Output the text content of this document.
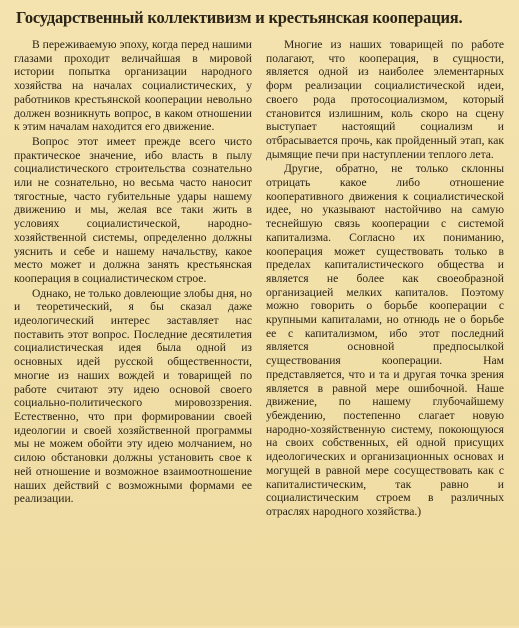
Государственный коллективизм и крестьянская кооперация.

В переживаемую эпоху, когда перед нашими глазами проходит величайшая в мировой истории попытка организации народного хозяйства на началах социалистических, у работников крестьянской кооперации невольно должен возникнуть вопрос, в каком отношении к этим началам находится его движение.

Вопрос этот имеет прежде всего чисто практическое значение, ибо власть в пылу социалистического строительства сознательно или не сознательно, но весьма часто наносит тягостные, часто губительные удары нашему движению и мы, желая все таки жить в условиях социалистической, народно-хозяйственной системы, определенно должны уяснить и себе и нашему начальству, какое место может и должна занять крестьянская кооперация в социалистическом строе.

Однако, не только довлеющие злобы дня, но и теоретический, я бы сказал даже идеологический интерес заставляет нас поставить этот вопрос. Последние десятилетия социалистическая идея была одной из основных идей русской общественности, многие из наших вождей и товарищей по работе считают эту идею основой своего социально-политического мировоззрения. Естественно, что при формировании своей идеологии и своей хозяйственной программы мы не можем обойти эту идею молчанием, но силою обстановки должны установить свое к ней отношение и возможное взаимоотношение наших действий с возможными формами ее реализации.

Многие из наших товарищей по работе полагают, что кооперация, в сущности, является одной из наиболее элементарных форм реализации социалистической идеи, своего рода протосоциализмом, который становится излишним, коль скоро на сцену выступает настоящий социализм и отбрасывается прочь, как пройденный этап, как дымящие печи при наступлении теплого лета.

Другие, обратно, не только склонны отрицать какое либо отношение кооперативного движения к социалистической идее, но указывают настойчиво на самую теснейшую связь кооперации с системой капитализма. Согласно их пониманию, кооперация может существовать только в пределах капиталистического общества и является не более как своеобразной организацией мелких капиталов. Поэтому можно говорить о борьбе кооперации с крупными капиталами, но отнюдь не о борьбе ее с капитализмом, ибо этот последний является основной предпосылкой существования кооперации. Нам представляется, что и та и другая точка зрения является в равной мере ошибочной. Наше движение, по нашему глубочайшему убеждению, постепенно слагает новую народно-хозяйственную систему, покоющуюся на своих собственных, ей одной присущих идеологических и организационных основах и могущей в равной мере сосуществовать как с капиталистическим, так равно и социалистическим строем в различных отраслях народного хозяйства.)
